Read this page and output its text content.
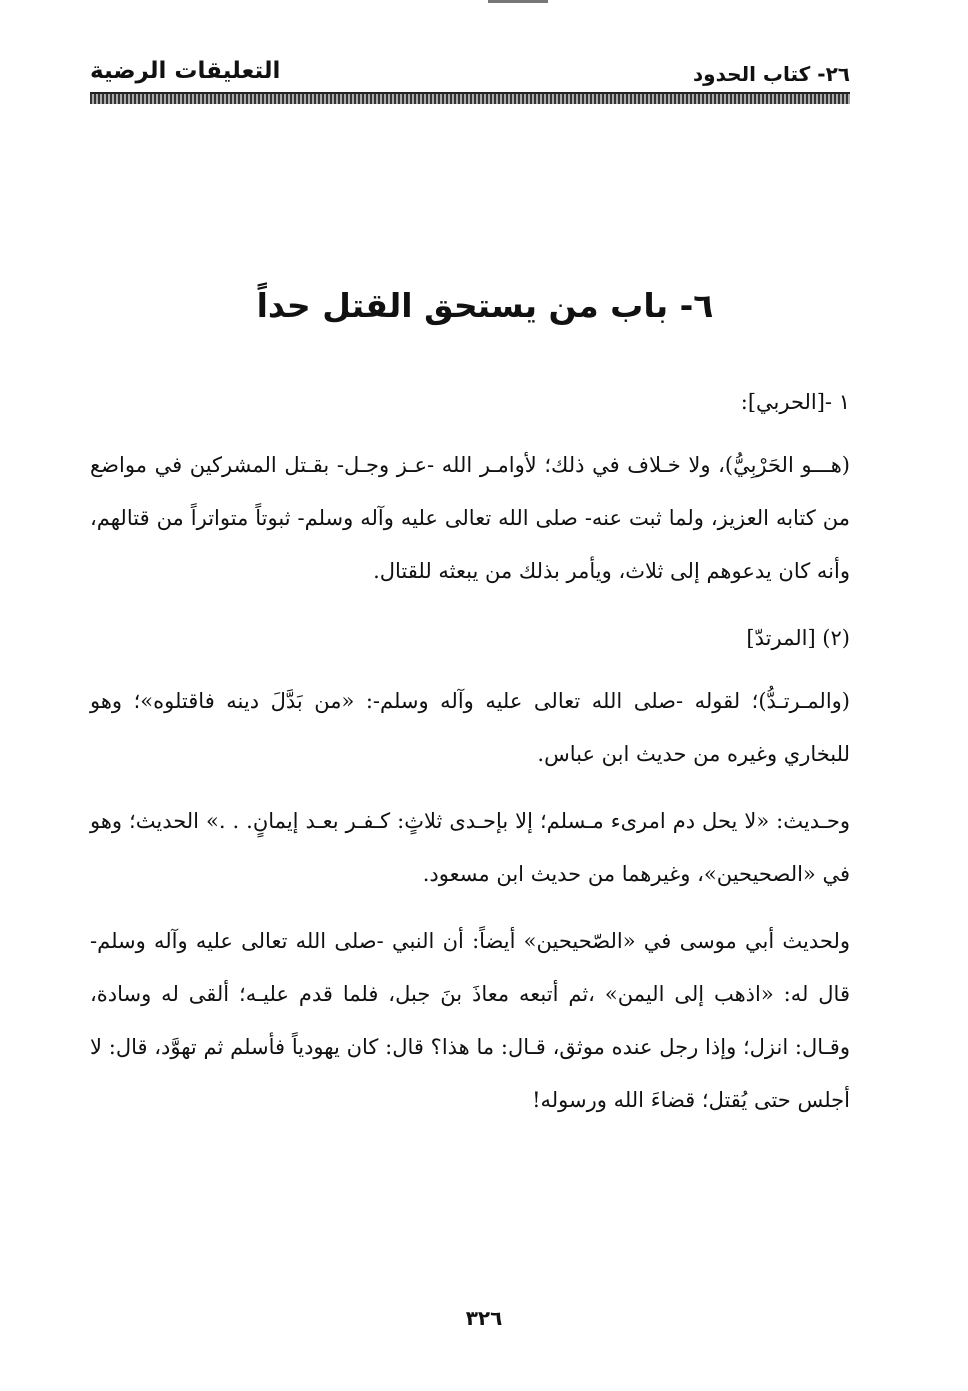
٢٦- كتاب الحدود
التعليقات الرضية
٦- باب من يستحق القتل حداً

١ -[الحربي]:

(هـــو الحَرْبِيُّ)، ولا خـلاف في ذلك؛ لأوامـر الله -عـز وجـل- بقـتل المشركين في مواضع من كتابه العزيز، ولما ثبت عنه- صلى الله تعالى عليه وآله وسلم- ثبوتاً متواتراً من قتالهم، وأنه كان يدعوهم إلى ثلاث، ويأمر بذلك من يبعثه للقتال.

(٢) [المرتدّ]

(والمـرتـدُّ)؛ لقوله -صلى الله تعالى عليه وآله وسلم-: «من بَدَّلَ دينه فاقتلوه»؛ وهو للبخاري وغيره من حديث ابن عباس.

وحـديث: «لا يحل دم امرىء مـسلم؛ إلا بإحـدى ثلاثٍ: كـفـر بعـد إيمانٍ. . .» الحديث؛ وهو في «الصحيحين»، وغيرهما من حديث ابن مسعود.

ولحديث أبي موسى في «الصّحيحين» أيضاً: أن النبي -صلى الله تعالى عليه وآله وسلم- قال له: «اذهب إلى اليمن» ،ثم أتبعه معاذَ بنَ جبل، فلما قدم عليـه؛ ألقى له وسادة، وقـال: انزل؛ وإذا رجل عنده موثق، قـال: ما هذا؟ قال: كان يهودياً فأسلم ثم تهوَّد، قال: لا أجلس حتى يُقتل؛ قضاءَ الله ورسوله!

٣٢٦
